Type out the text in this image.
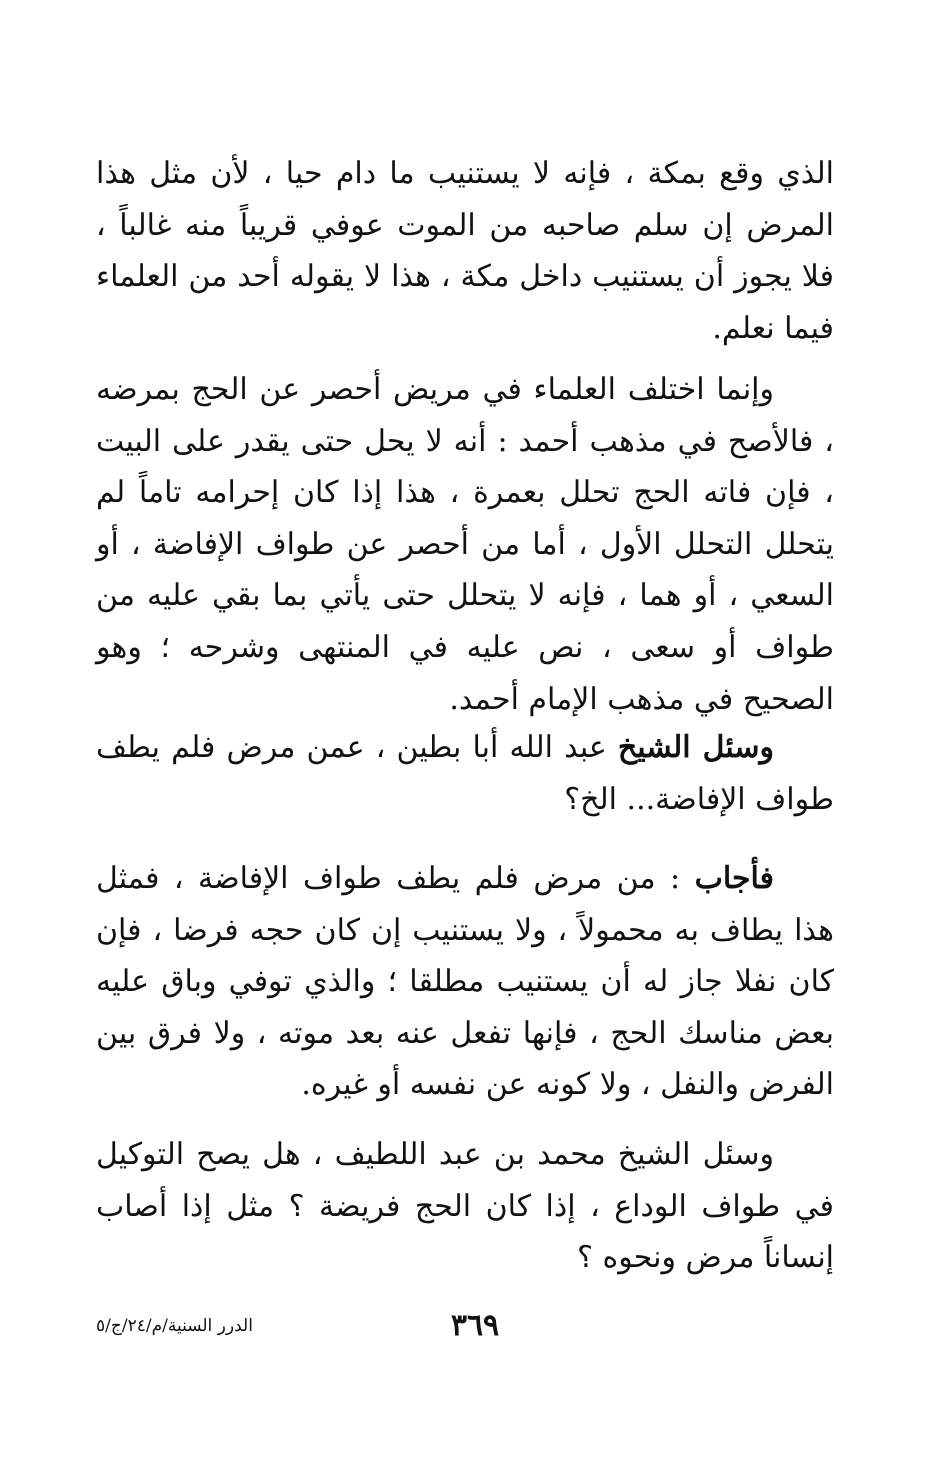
الذي وقع بمكة ، فإنه لا يستنيب ما دام حيا ، لأن مثل هذا المرض إن سلم صاحبه من الموت عوفي قريباً منه غالباً ، فلا يجوز أن يستنيب داخل مكة ، هذا لا يقوله أحد من العلماء فيما نعلم.

وإنما اختلف العلماء في مريض أحصر عن الحج بمرضه ، فالأصح في مذهب أحمد : أنه لا يحل حتى يقدر على البيت ، فإن فاته الحج تحلل بعمرة ، هذا إذا كان إحرامه تاماً لم يتحلل التحلل الأول ، أما من أحصر عن طواف الإفاضة ، أو السعي ، أو هما ، فإنه لا يتحلل حتى يأتي بما بقي عليه من طواف أو سعى ، نص عليه في المنتهى وشرحه ؛ وهو الصحيح في مذهب الإمام أحمد.

وسئل الشيخ عبد الله أبا بطين ، عمن مرض فلم يطف طواف الإفاضة... الخ؟

فأجاب : من مرض فلم يطف طواف الإفاضة ، فمثل هذا يطاف به محمولاً ، ولا يستنيب إن كان حجه فرضا ، فإن كان نفلا جاز له أن يستنيب مطلقا ؛ والذي توفي وباق عليه بعض مناسك الحج ، فإنها تفعل عنه بعد موته ، ولا فرق بين الفرض والنفل ، ولا كونه عن نفسه أو غيره.

وسئل الشيخ محمد بن عبد اللطيف ، هل يصح التوكيل في طواف الوداع ، إذا كان الحج فريضة ؟ مثل إذا أصاب إنساناً مرض ونحوه ؟

الدرر السنية/م/٢٤/ج/٥	٣٦٩
